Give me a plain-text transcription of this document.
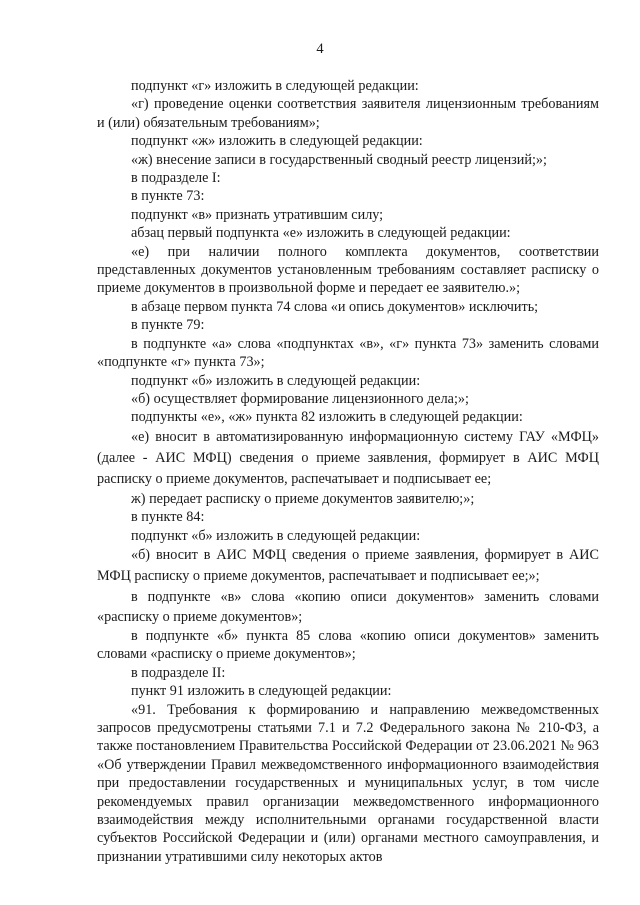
4

подпункт «г» изложить в следующей редакции:

«г) проведение оценки соответствия заявителя лицензионным требованиям и (или) обязательным требованиям»;

подпункт «ж» изложить в следующей редакции:

«ж) внесение записи в государственный сводный реестр лицензий;»;

в подразделе I:

в пункте 73:

подпункт «в» признать утратившим силу;

абзац первый подпункта «е» изложить в следующей редакции:

«е) при наличии полного комплекта документов, соответствии представленных документов установленным требованиям составляет расписку о приеме документов в произвольной форме и передает ее заявителю.»;

в абзаце первом пункта 74 слова «и опись документов» исключить;

в пункте 79:

в подпункте «а» слова «подпунктах «в», «г» пункта 73» заменить словами «подпункте «г» пункта 73»;

подпункт «б» изложить в следующей редакции:

«б) осуществляет формирование лицензионного дела;»;

подпункты «е», «ж» пункта 82 изложить в следующей редакции:

«е) вносит в автоматизированную информационную систему ГАУ «МФЦ» (далее - АИС МФЦ) сведения о приеме заявления, формирует в АИС МФЦ расписку о приеме документов, распечатывает и подписывает ее;

ж) передает расписку о приеме документов заявителю;»;

в пункте 84:

подпункт «б» изложить в следующей редакции:

«б) вносит в АИС МФЦ сведения о приеме заявления, формирует в АИС МФЦ расписку о приеме документов, распечатывает и подписывает ее;»;

в подпункте «в» слова «копию описи документов» заменить словами «расписку о приеме документов»;

в подпункте «б» пункта 85 слова «копию описи документов» заменить словами «расписку о приеме документов»;

в подразделе II:

пункт 91 изложить в следующей редакции:

«91. Требования к формированию и направлению межведомственных запросов предусмотрены статьями 7.1 и 7.2 Федерального закона № 210-ФЗ, а также постановлением Правительства Российской Федерации от 23.06.2021 № 963 «Об утверждении Правил межведомственного информационного взаимодействия при предоставлении государственных и муниципальных услуг, в том числе рекомендуемых правил организации межведомственного информационного взаимодействия между исполнительными органами государственной власти субъектов Российской Федерации и (или) органами местного самоуправления, и признании утратившими силу некоторых актов
